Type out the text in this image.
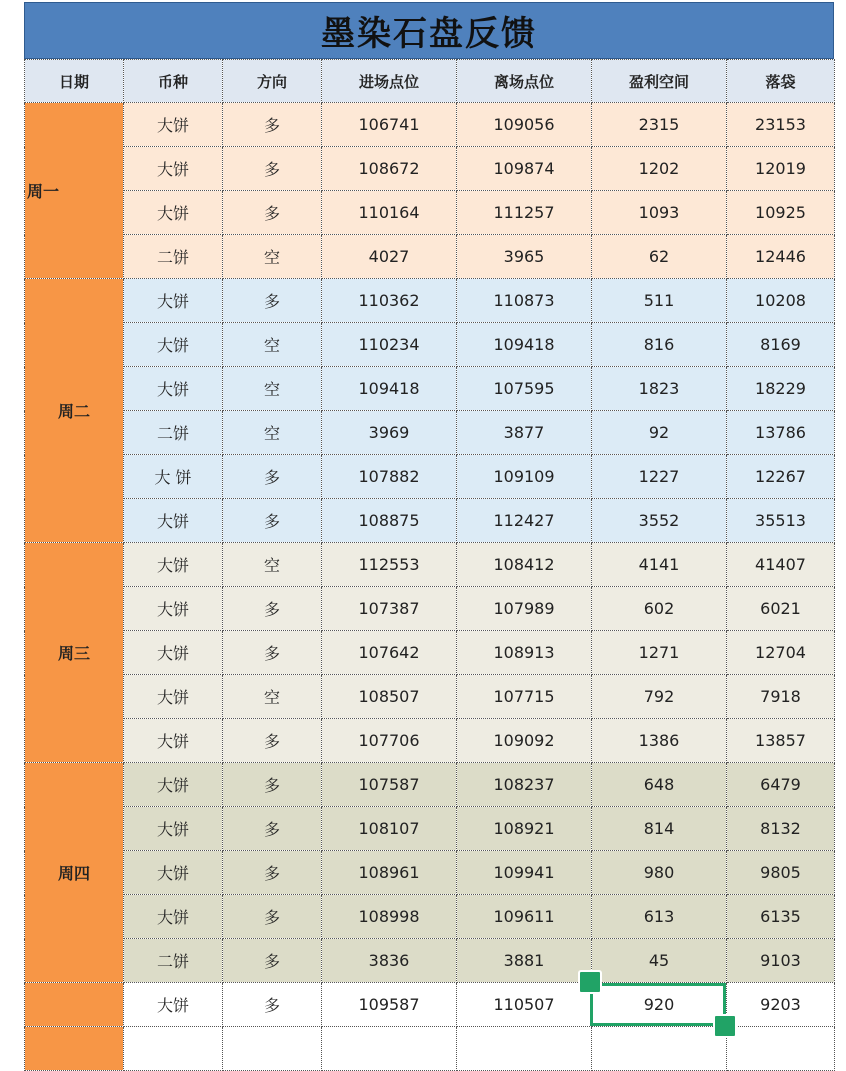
墨染石盘反馈
日期	币种	方向	进场点位	离场点位	盈利空间	落袋
周一	大饼	多	106741	109056	2315	23153
	大饼	多	108672	109874	1202	12019
	大饼	多	110164	111257	1093	10925
	二饼	空	4027	3965	62	12446
周二	大饼	多	110362	110873	511	10208
	大饼	空	110234	109418	816	8169
	大饼	空	109418	107595	1823	18229
	二饼	空	3969	3877	92	13786
	大 饼	多	107882	109109	1227	12267
	大饼	多	108875	112427	3552	35513
周三	大饼	空	112553	108412	4141	41407
	大饼	多	107387	107989	602	6021
	大饼	多	107642	108913	1271	12704
	大饼	空	108507	107715	792	7918
	大饼	多	107706	109092	1386	13857
周四	大饼	多	107587	108237	648	6479
	大饼	多	108107	108921	814	8132
	大饼	多	108961	109941	980	9805
	大饼	多	108998	109611	613	6135
	二饼	多	3836	3881	45	9103
	大饼	多	109587	110507	920	9203
